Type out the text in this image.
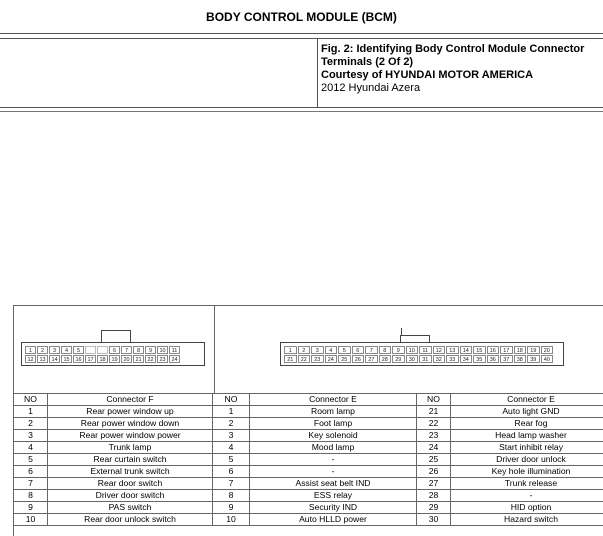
BODY CONTROL MODULE (BCM)
Fig. 2: Identifying Body Control Module Connector
Terminals (2 Of 2)
Courtesy of HYUNDAI MOTOR AMERICA
2012 Hyundai Azera
1	2	3	4	5	6	7	8	9	10	11
12	13	14	15	16	17	18	19	20	21	22	23	24
1	2	3	4	5	6	7	8	9	10	11	12	13	14	15	16	17	18	19	20
21	22	23	24	25	26	27	28	29	30	31	32	33	34	35	36	37	38	39	40
NO	Connector F	NO	Connector E	NO	Connector E
1	Rear power window up	1	Room lamp	21	Auto light GND
2	Rear power window down	2	Foot lamp	22	Rear fog
3	Rear power window power	3	Key solenoid	23	Head lamp washer
4	Trunk lamp	4	Mood lamp	24	Start inhibit relay
5	Rear curtain switch	5	-	25	Driver door unlock
6	External trunk switch	6	-	26	Key hole illumination
7	Rear door switch	7	Assist seat belt IND	27	Trunk release
8	Driver door switch	8	ESS relay	28	-
9	PAS switch	9	Security IND	29	HID option
10	Rear door unlock switch	10	Auto HLLD power	30	Hazard switch
